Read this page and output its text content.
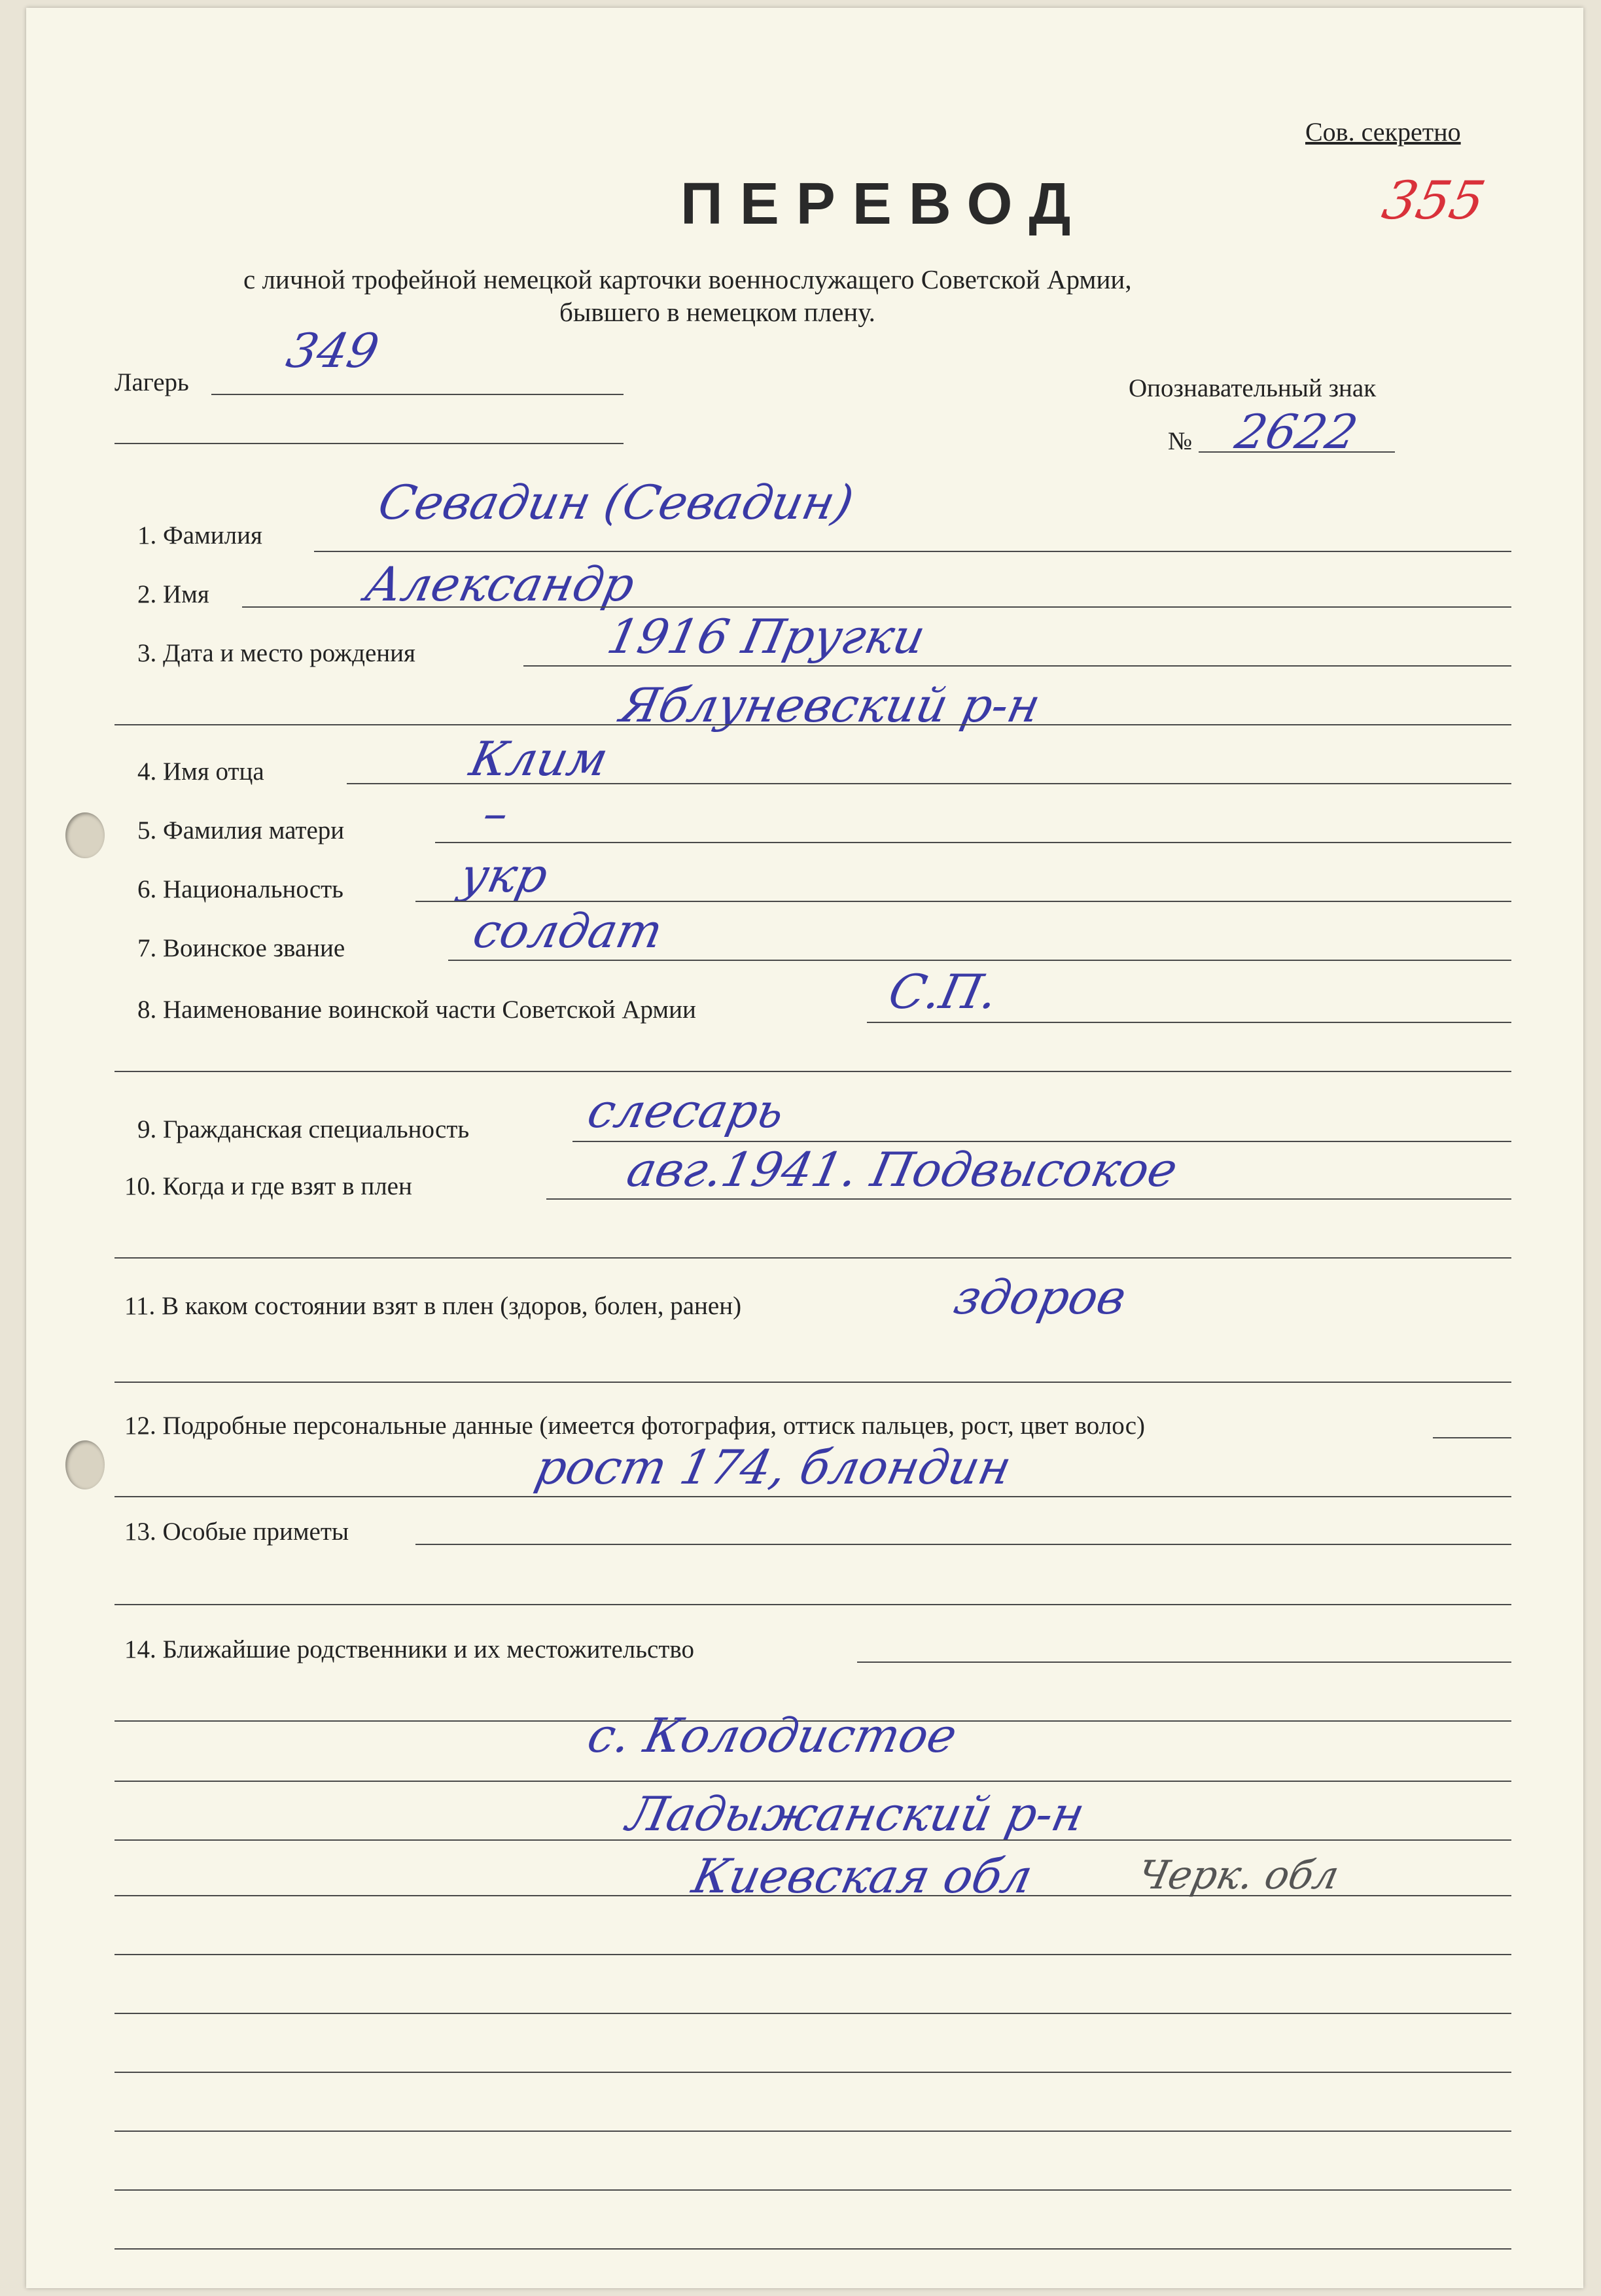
Сов. секретно
355
ПЕРЕВОД
с личной трофейной немецкой карточки военнослужащего Советской Армии,
бывшего в немецком плену.
Лагерь
349
Опознавательный знак
№ 2622
1. Фамилия
Севадин (Севадин)
2. Имя	Александр
3. Дата и место рождения	1916 Пругки
Яблуневский р-н
4. Имя отца	Клим
5. Фамилия матери	–
6. Национальность укр
7. Воинское звание	солдат
8. Наименование воинской части Советской Армии	С.П.
9. Гражданская специальность слесарь
10. Когда и где взят в плен	авг.1941. Подвысокое
11. В каком состоянии взят в плен (здоров, болен, ранен)	здоров
12. Подробные персональные данные (имеется фотография, оттиск пальцев, рост, цвет волос)
рост 174, блондин
13. Особые приметы
14. Ближайшие родственники и их местожительство
с. Колодистое
Ладыжанский р-н
Киевская обл Черк. обл
